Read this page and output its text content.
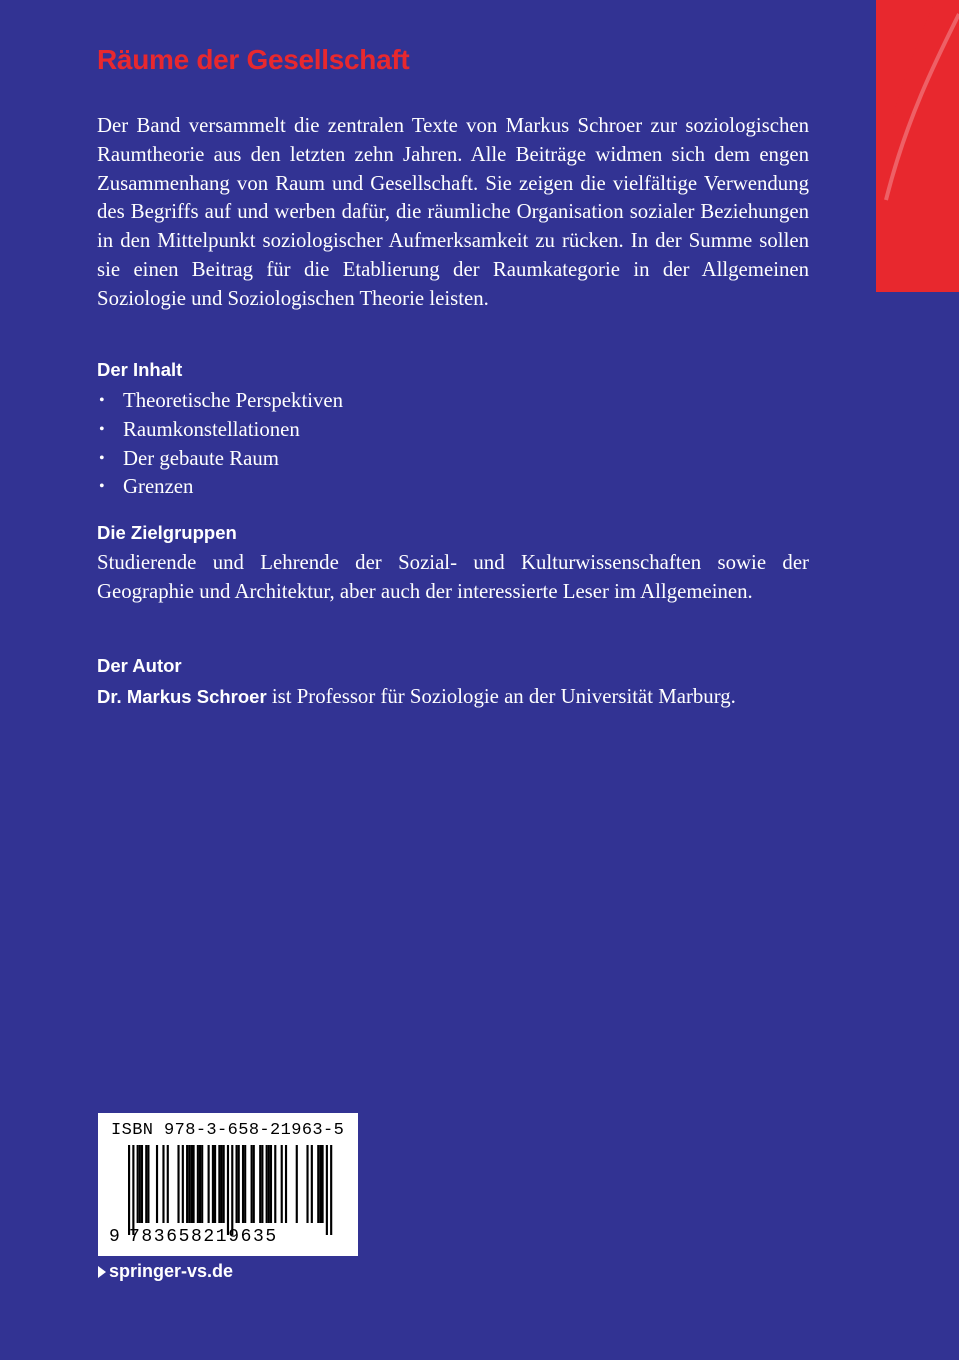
Räume der Gesellschaft

Der Band versammelt die zentralen Texte von Markus Schroer zur soziologischen Raumtheorie aus den letzten zehn Jahren. Alle Beiträge widmen sich dem engen Zusammenhang von Raum und Gesellschaft. Sie zeigen die vielfältige Verwendung des Begriffs auf und werben dafür, die räumliche Organisation sozialer Beziehungen in den Mittelpunkt soziologischer Aufmerksamkeit zu rücken. In der Summe sollen sie einen Beitrag für die Etablierung der Raumkategorie in der Allgemeinen Soziologie und Soziologischen Theorie leisten.

Der Inhalt
• Theoretische Perspektiven
• Raumkonstellationen
• Der gebaute Raum
• Grenzen
Die Zielgruppen

Studierende und Lehrende der Sozial- und Kulturwissenschaften sowie der Geographie und Architektur, aber auch der interessierte Leser im Allgemeinen.

Der Autor

Dr. Markus Schroer ist Professor für Soziologie an der Universität Marburg.

ISBN 978-3-658-21963-5

9 783658219635

springer-vs.de
